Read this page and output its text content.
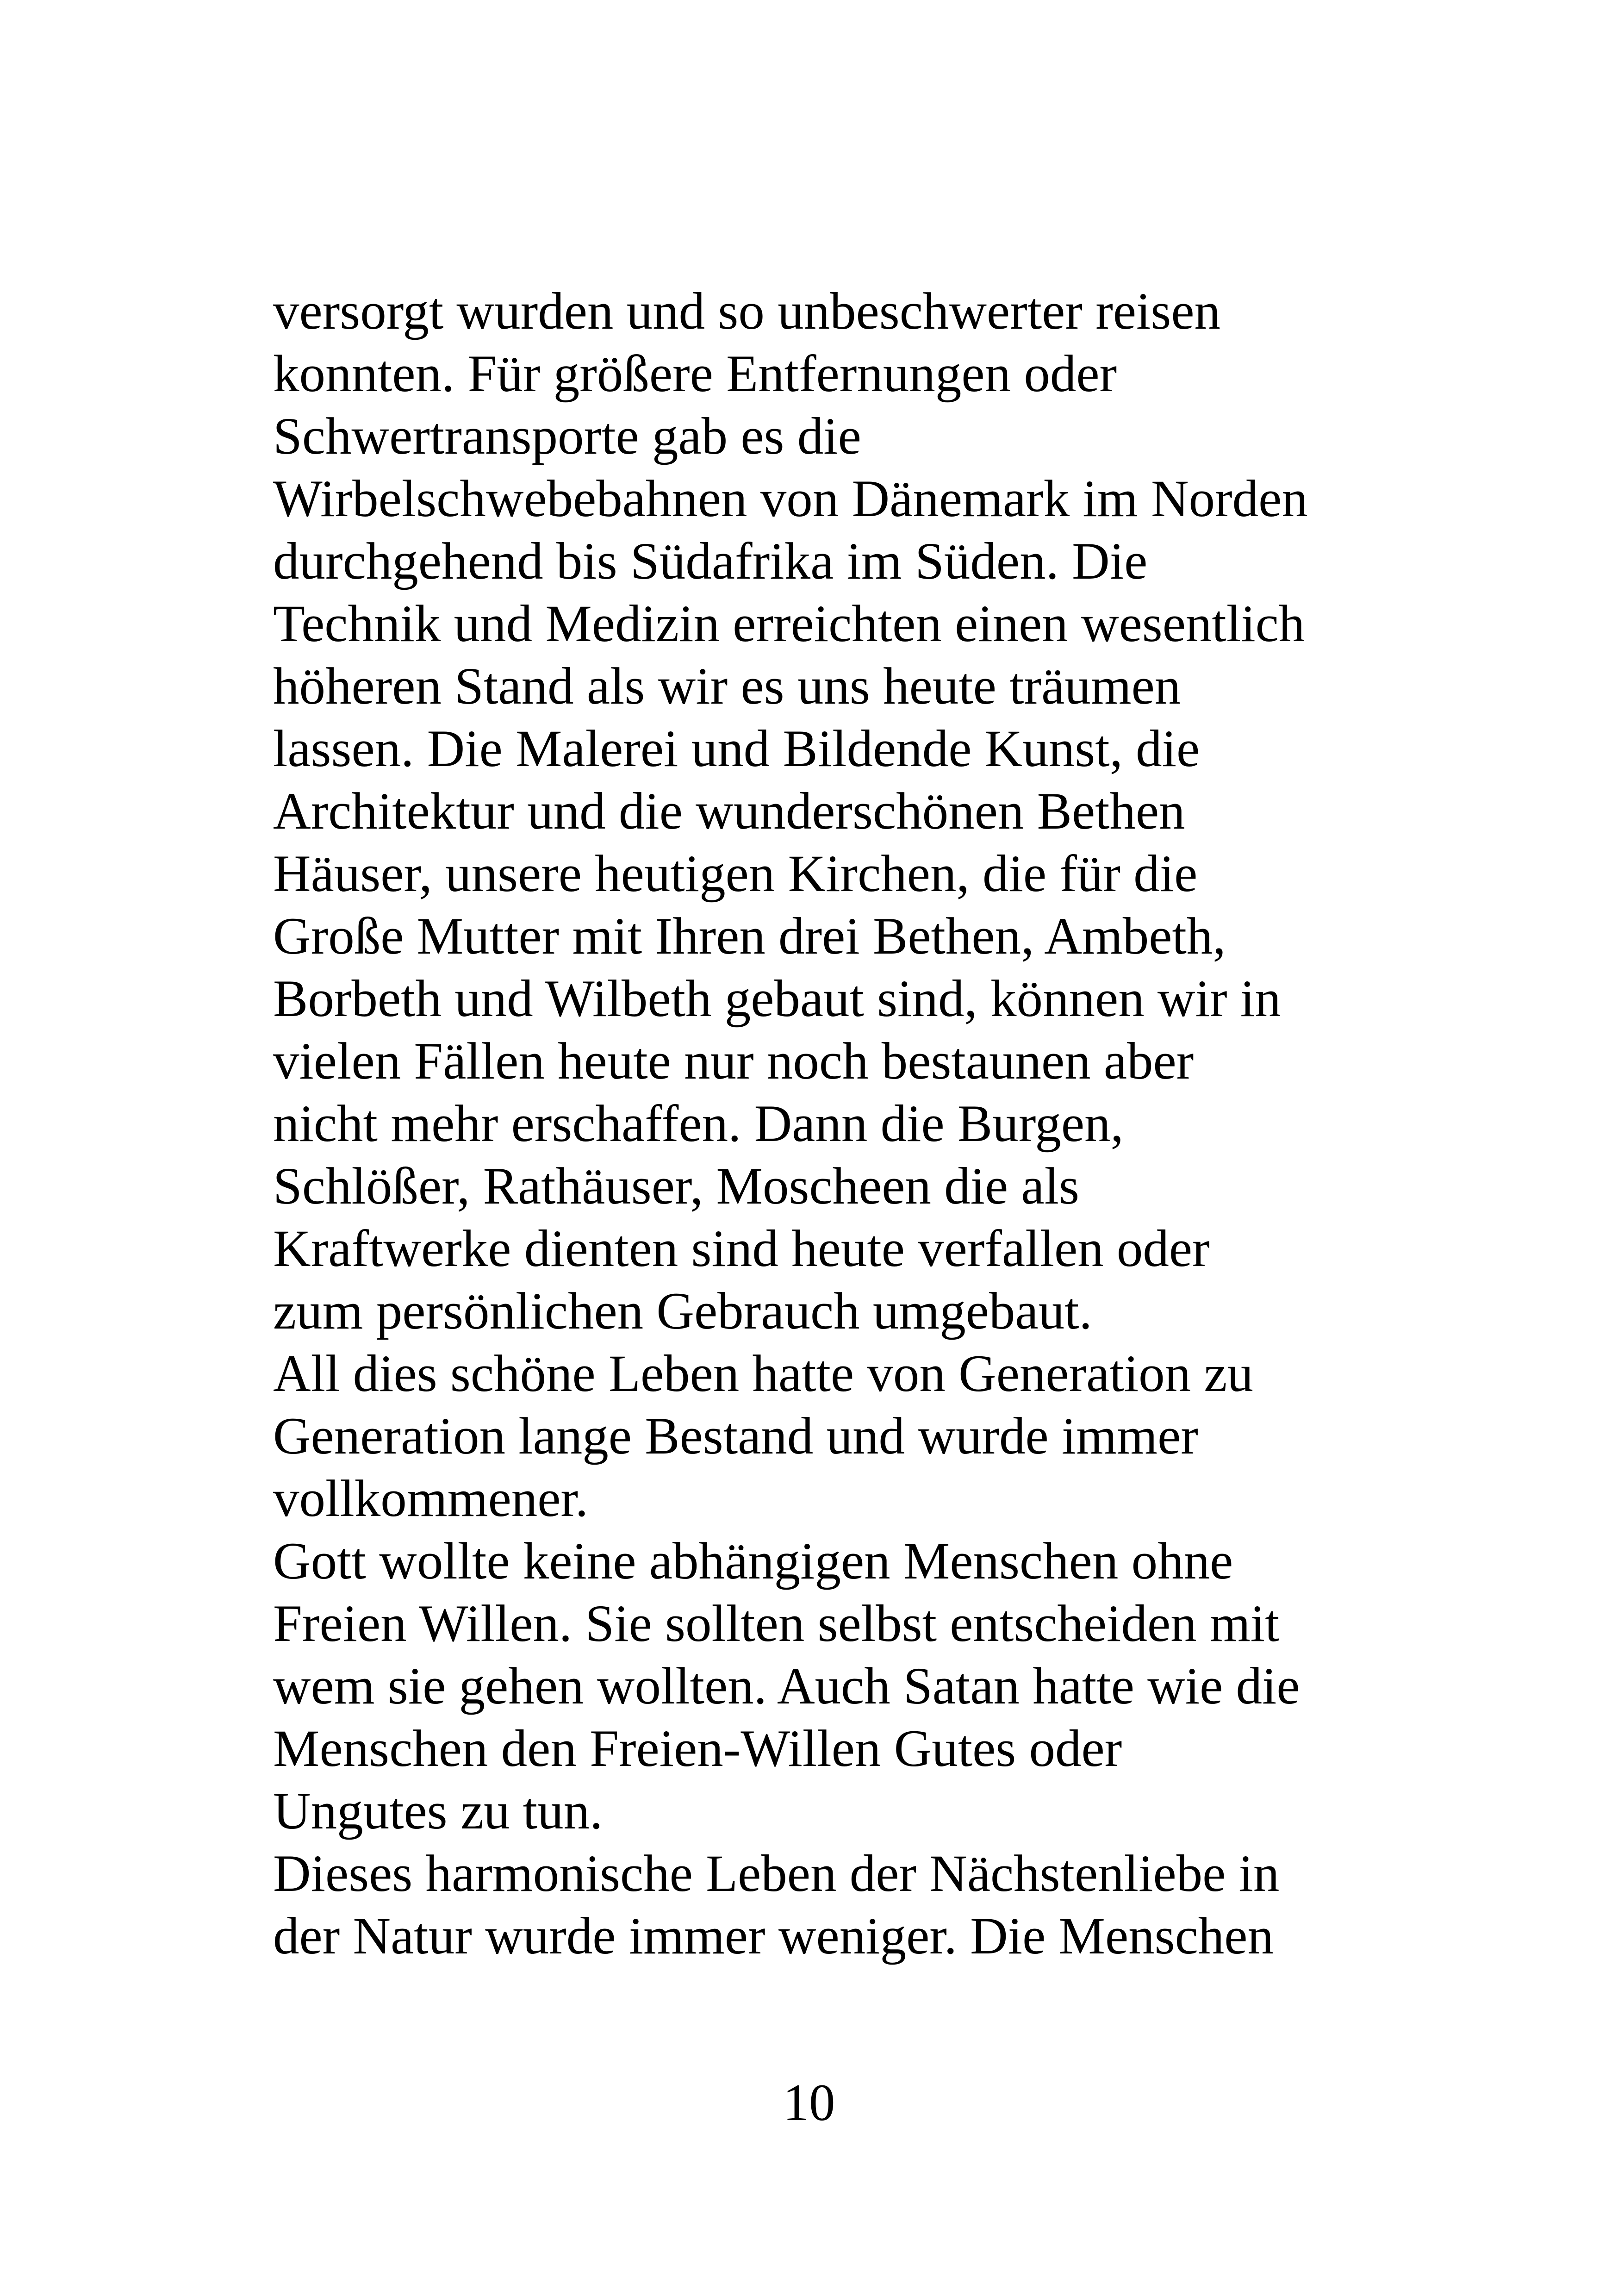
versorgt wurden und so unbeschwerter reisen
konnten. Für größere Entfernungen oder
Schwertransporte gab es die
Wirbelschwebebahnen von Dänemark im Norden
durchgehend bis Südafrika im Süden. Die
Technik und Medizin erreichten einen wesentlich
höheren Stand als wir es uns heute träumen
lassen. Die Malerei und Bildende Kunst, die
Architektur und die wunderschönen Bethen
Häuser, unsere heutigen Kirchen, die für die
Große Mutter mit Ihren drei Bethen, Ambeth,
Borbeth und Wilbeth gebaut sind, können wir in
vielen Fällen heute nur noch bestaunen aber
nicht mehr erschaffen. Dann die Burgen,
Schlößer, Rathäuser, Moscheen die als
Kraftwerke dienten sind heute verfallen oder
zum persönlichen Gebrauch umgebaut.
All dies schöne Leben hatte von Generation zu
Generation lange Bestand und wurde immer
vollkommener.
Gott wollte keine abhängigen Menschen ohne
Freien Willen. Sie sollten selbst entscheiden mit
wem sie gehen wollten. Auch Satan hatte wie die
Menschen den Freien-Willen Gutes oder
Ungutes zu tun.
Dieses harmonische Leben der Nächstenliebe in
der Natur wurde immer weniger. Die Menschen
10
